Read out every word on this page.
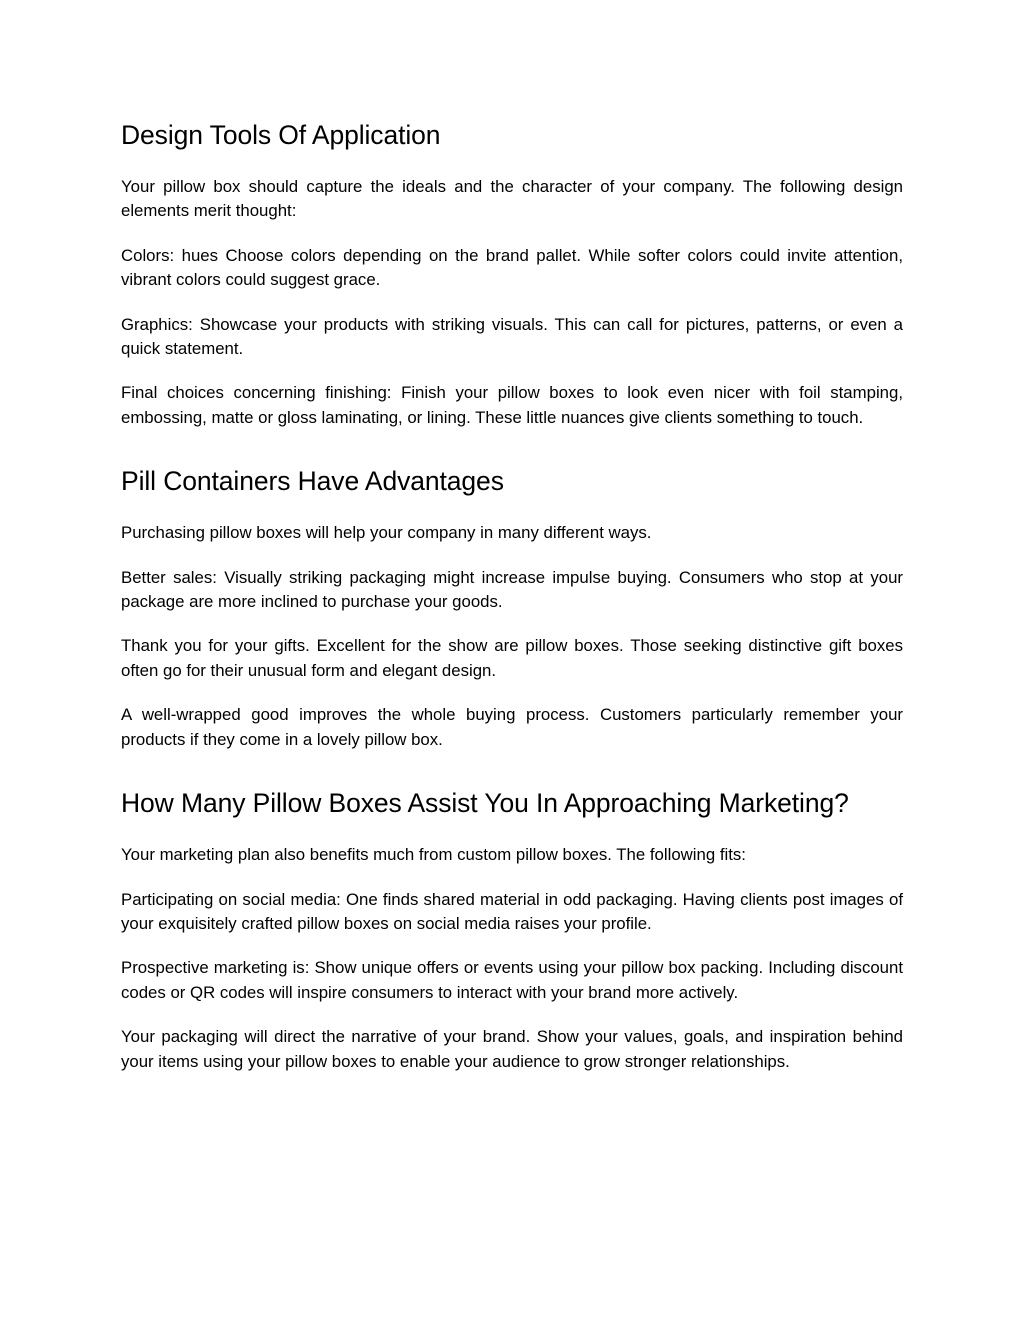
Design Tools Of Application

Your pillow box should capture the ideals and the character of your company. The following design elements merit thought:

Colors: hues Choose colors depending on the brand pallet. While softer colors could invite attention, vibrant colors could suggest grace.

Graphics: Showcase your products with striking visuals. This can call for pictures, patterns, or even a quick statement.

Final choices concerning finishing: Finish your pillow boxes to look even nicer with foil stamping, embossing, matte or gloss laminating, or lining. These little nuances give clients something to touch.

Pill Containers Have Advantages

Purchasing pillow boxes will help your company in many different ways.

Better sales: Visually striking packaging might increase impulse buying. Consumers who stop at your package are more inclined to purchase your goods.

Thank you for your gifts. Excellent for the show are pillow boxes. Those seeking distinctive gift boxes often go for their unusual form and elegant design.

A well-wrapped good improves the whole buying process. Customers particularly remember your products if they come in a lovely pillow box.

How Many Pillow Boxes Assist You In Approaching Marketing?

Your marketing plan also benefits much from custom pillow boxes. The following fits:

Participating on social media: One finds shared material in odd packaging. Having clients post images of your exquisitely crafted pillow boxes on social media raises your profile.

Prospective marketing is: Show unique offers or events using your pillow box packing. Including discount codes or QR codes will inspire consumers to interact with your brand more actively.

Your packaging will direct the narrative of your brand. Show your values, goals, and inspiration behind your items using your pillow boxes to enable your audience to grow stronger relationships.
